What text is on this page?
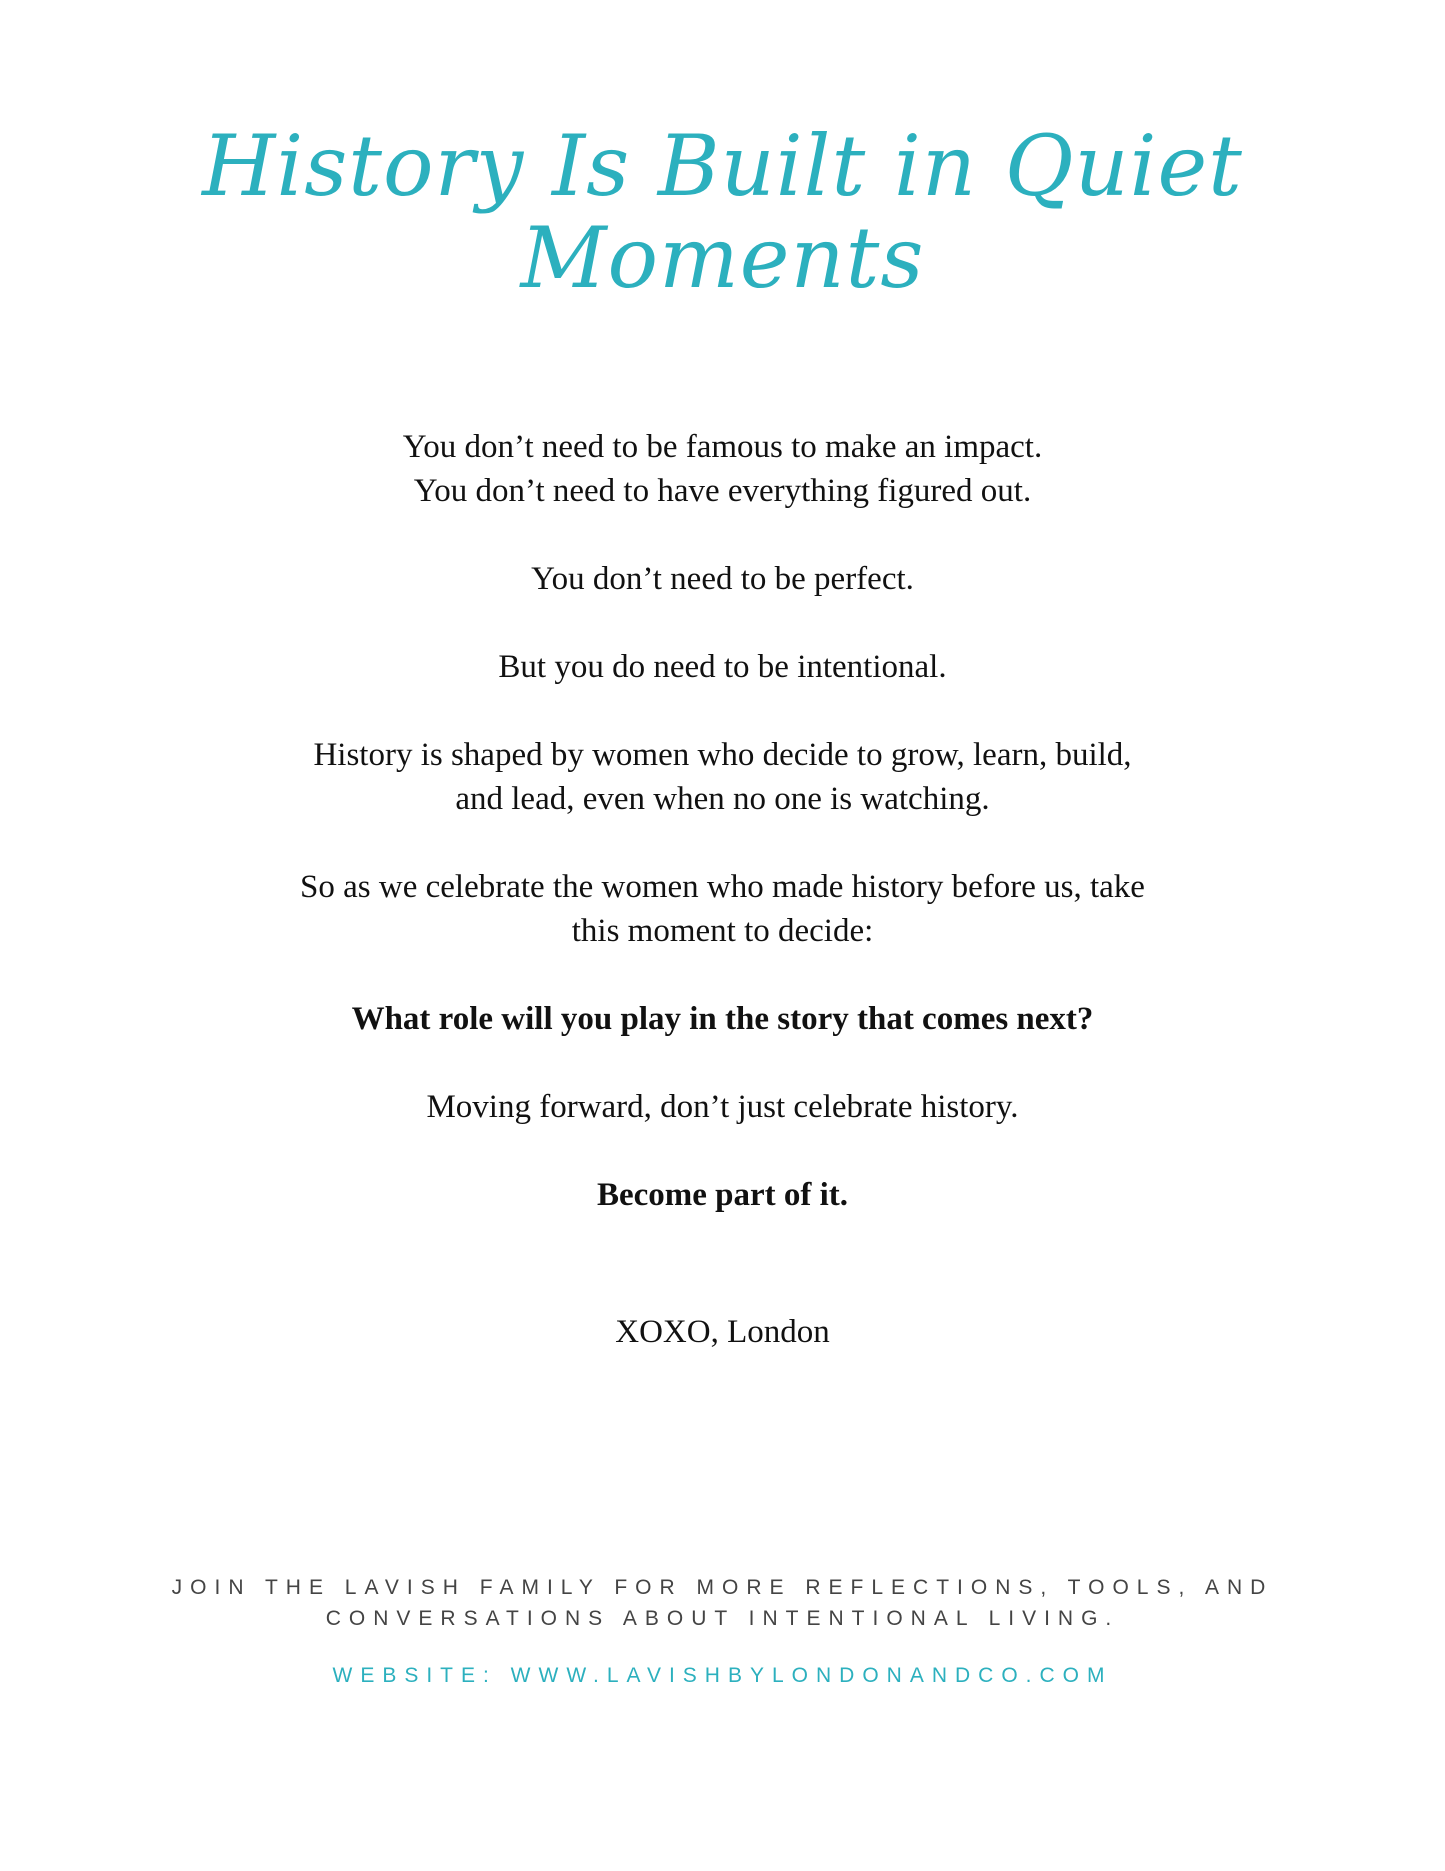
History Is Built in Quiet Moments

You don’t need to be famous to make an impact.
You don’t need to have everything figured out.

You don’t need to be perfect.

But you do need to be intentional.

History is shaped by women who decide to grow, learn, build,
and lead, even when no one is watching.

So as we celebrate the women who made history before us, take
this moment to decide:

What role will you play in the story that comes next?

Moving forward, don’t just celebrate history.

Become part of it.

XOXO, London
JOIN THE LAVISH FAMILY FOR MORE REFLECTIONS, TOOLS, AND
CONVERSATIONS ABOUT INTENTIONAL LIVING.
WEBSITE: WWW.LAVISHBYLONDONANDCO.COM
